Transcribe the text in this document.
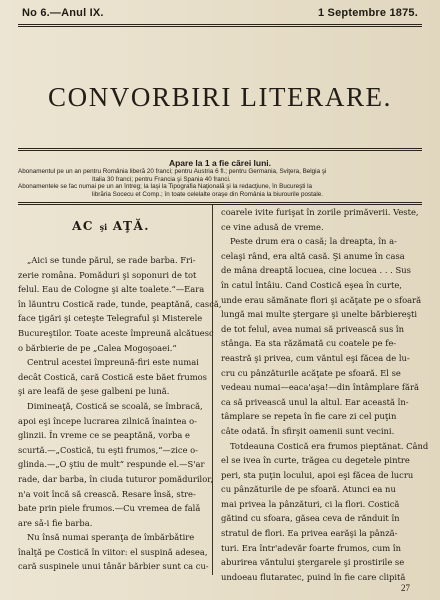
No 6.—Anul IX.	1 Septembre 1875.
CONVORBIRI LITERARE.
Apare la 1 a fie cărei luni.
Abonamentul pe un an pentru România liberă 20 franci; pentru Austria 6 fl.; pentru Germania, Sviţera, Belgia şi
Italia 30 franci; pentru Francia şi Spania 40 franci.
Abonamentele se fac numai pe un an întreg; la Iaşi la Tipografia Naţională şi la redacţiune, în Bucureşti la
librăria Socecu et Comp.; în toate celelalte oraşe din România la biurourile postale.
AC şi AŢĂ.
„Aici se tunde părul, se rade barba. Fri-
zerie româna. Pomăduri şi soponuri de tot
felul. Eau de Cologne şi alte toalete.“—Eara
în lăuntru Costică rade, tunde, peaptănă, cască,
face ţigări şi ceteşte Telegraful şi Misterele
Bucureştilor. Toate aceste împreună alcătuesc
o bărbierie de pe „Calea Mogoşoaei.“
Centrul acestei împreună-firi este numai
decât Costică, cară Costică este băet frumos
şi are leafă de şese galbeni pe lună.
Dimineaţă, Costică se scoală, se îmbracă,
apoi eşi începe lucrarea zilnică înaintea o-
glinzii. În vreme ce se peaptănă, vorba e
scurtă.—„Costică, tu eşti frumos,“—zice o-
glinda.—„O ştiu de mult“ respunde el.—S'ar
rade, dar barba, în ciuda tuturor pomădurilor,
n'a voit încă să crească. Resare însă, stre-
bate prin piele frumos.—Cu vremea de falǎ
are sǎ-i fie barba.
Nu însă numai speranţa de îmbărbǎtire
înalţă pe Costică în viitor: el suspină adesea,
cară suspinele unui tânăr bărbier sunt ca cu-
coarele ivite furişat în zorile primăverii. Veste,
ce vine adusă de vreme.
Peste drum era o casă; la dreapta, în a-
celaşi rând, era altă casă. Şi anume în casa
de mâna dreaptă locuea, cine locuea . . . Sus
în catul întâiu. Cand Costică eşea în curte,
unde erau sămănate flori şi acăţate pe o sfoară
lungă mai multe ştergare şi unelte bărbiereşti
de tot felul, avea numai să privească sus în
stânga. Ea sta răzămată cu coatele pe fe-
reastră şi privea, cum văntul eşi făcea de lu-
cru cu pânzăturile acăţate pe sfoară. El se
vedeau numai—eaca'aşa!—din întâmplare fără
ca să privească unul la altul. Ear această în-
tâmplare se repeta în fie care zi cel puţin
câte odată. În sfirşit oamenii sunt vecini.
Totdeauna Costică era frumos pieptănat. Când
el se ivea în curte, trăgea cu degetele pintre
peri, sta puţin locului, apoi eşi făcea de lucru
cu pânzăturile de pe sfoară. Atunci ea nu
mai privea la pânzături, ci la flori. Costică
gătind cu sfoara, găsea ceva de rănduit în
stratul de flori. Ea privea earăşi la pânză-
turi. Era într'adevăr foarte frumos, cum în
aburirea văntului ştergarele şi prostirile se
undoeau flutaratec, puind în fie care clipită
27
